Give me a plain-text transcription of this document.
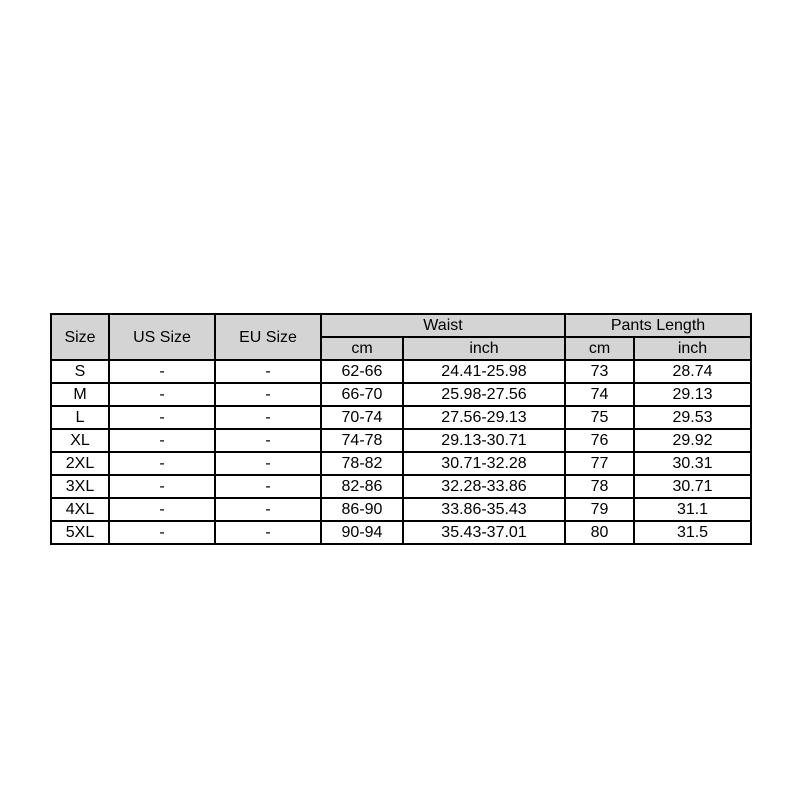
Size	US Size	EU Size	Waist		Pants Length	
			cm	inch	cm	inch
S	-	-	62-66	24.41-25.98	73	28.74
M	-	-	66-70	25.98-27.56	74	29.13
L	-	-	70-74	27.56-29.13	75	29.53
XL	-	-	74-78	29.13-30.71	76	29.92
2XL	-	-	78-82	30.71-32.28	77	30.31
3XL	-	-	82-86	32.28-33.86	78	30.71
4XL	-	-	86-90	33.86-35.43	79	31.1
5XL	-	-	90-94	35.43-37.01	80	31.5
